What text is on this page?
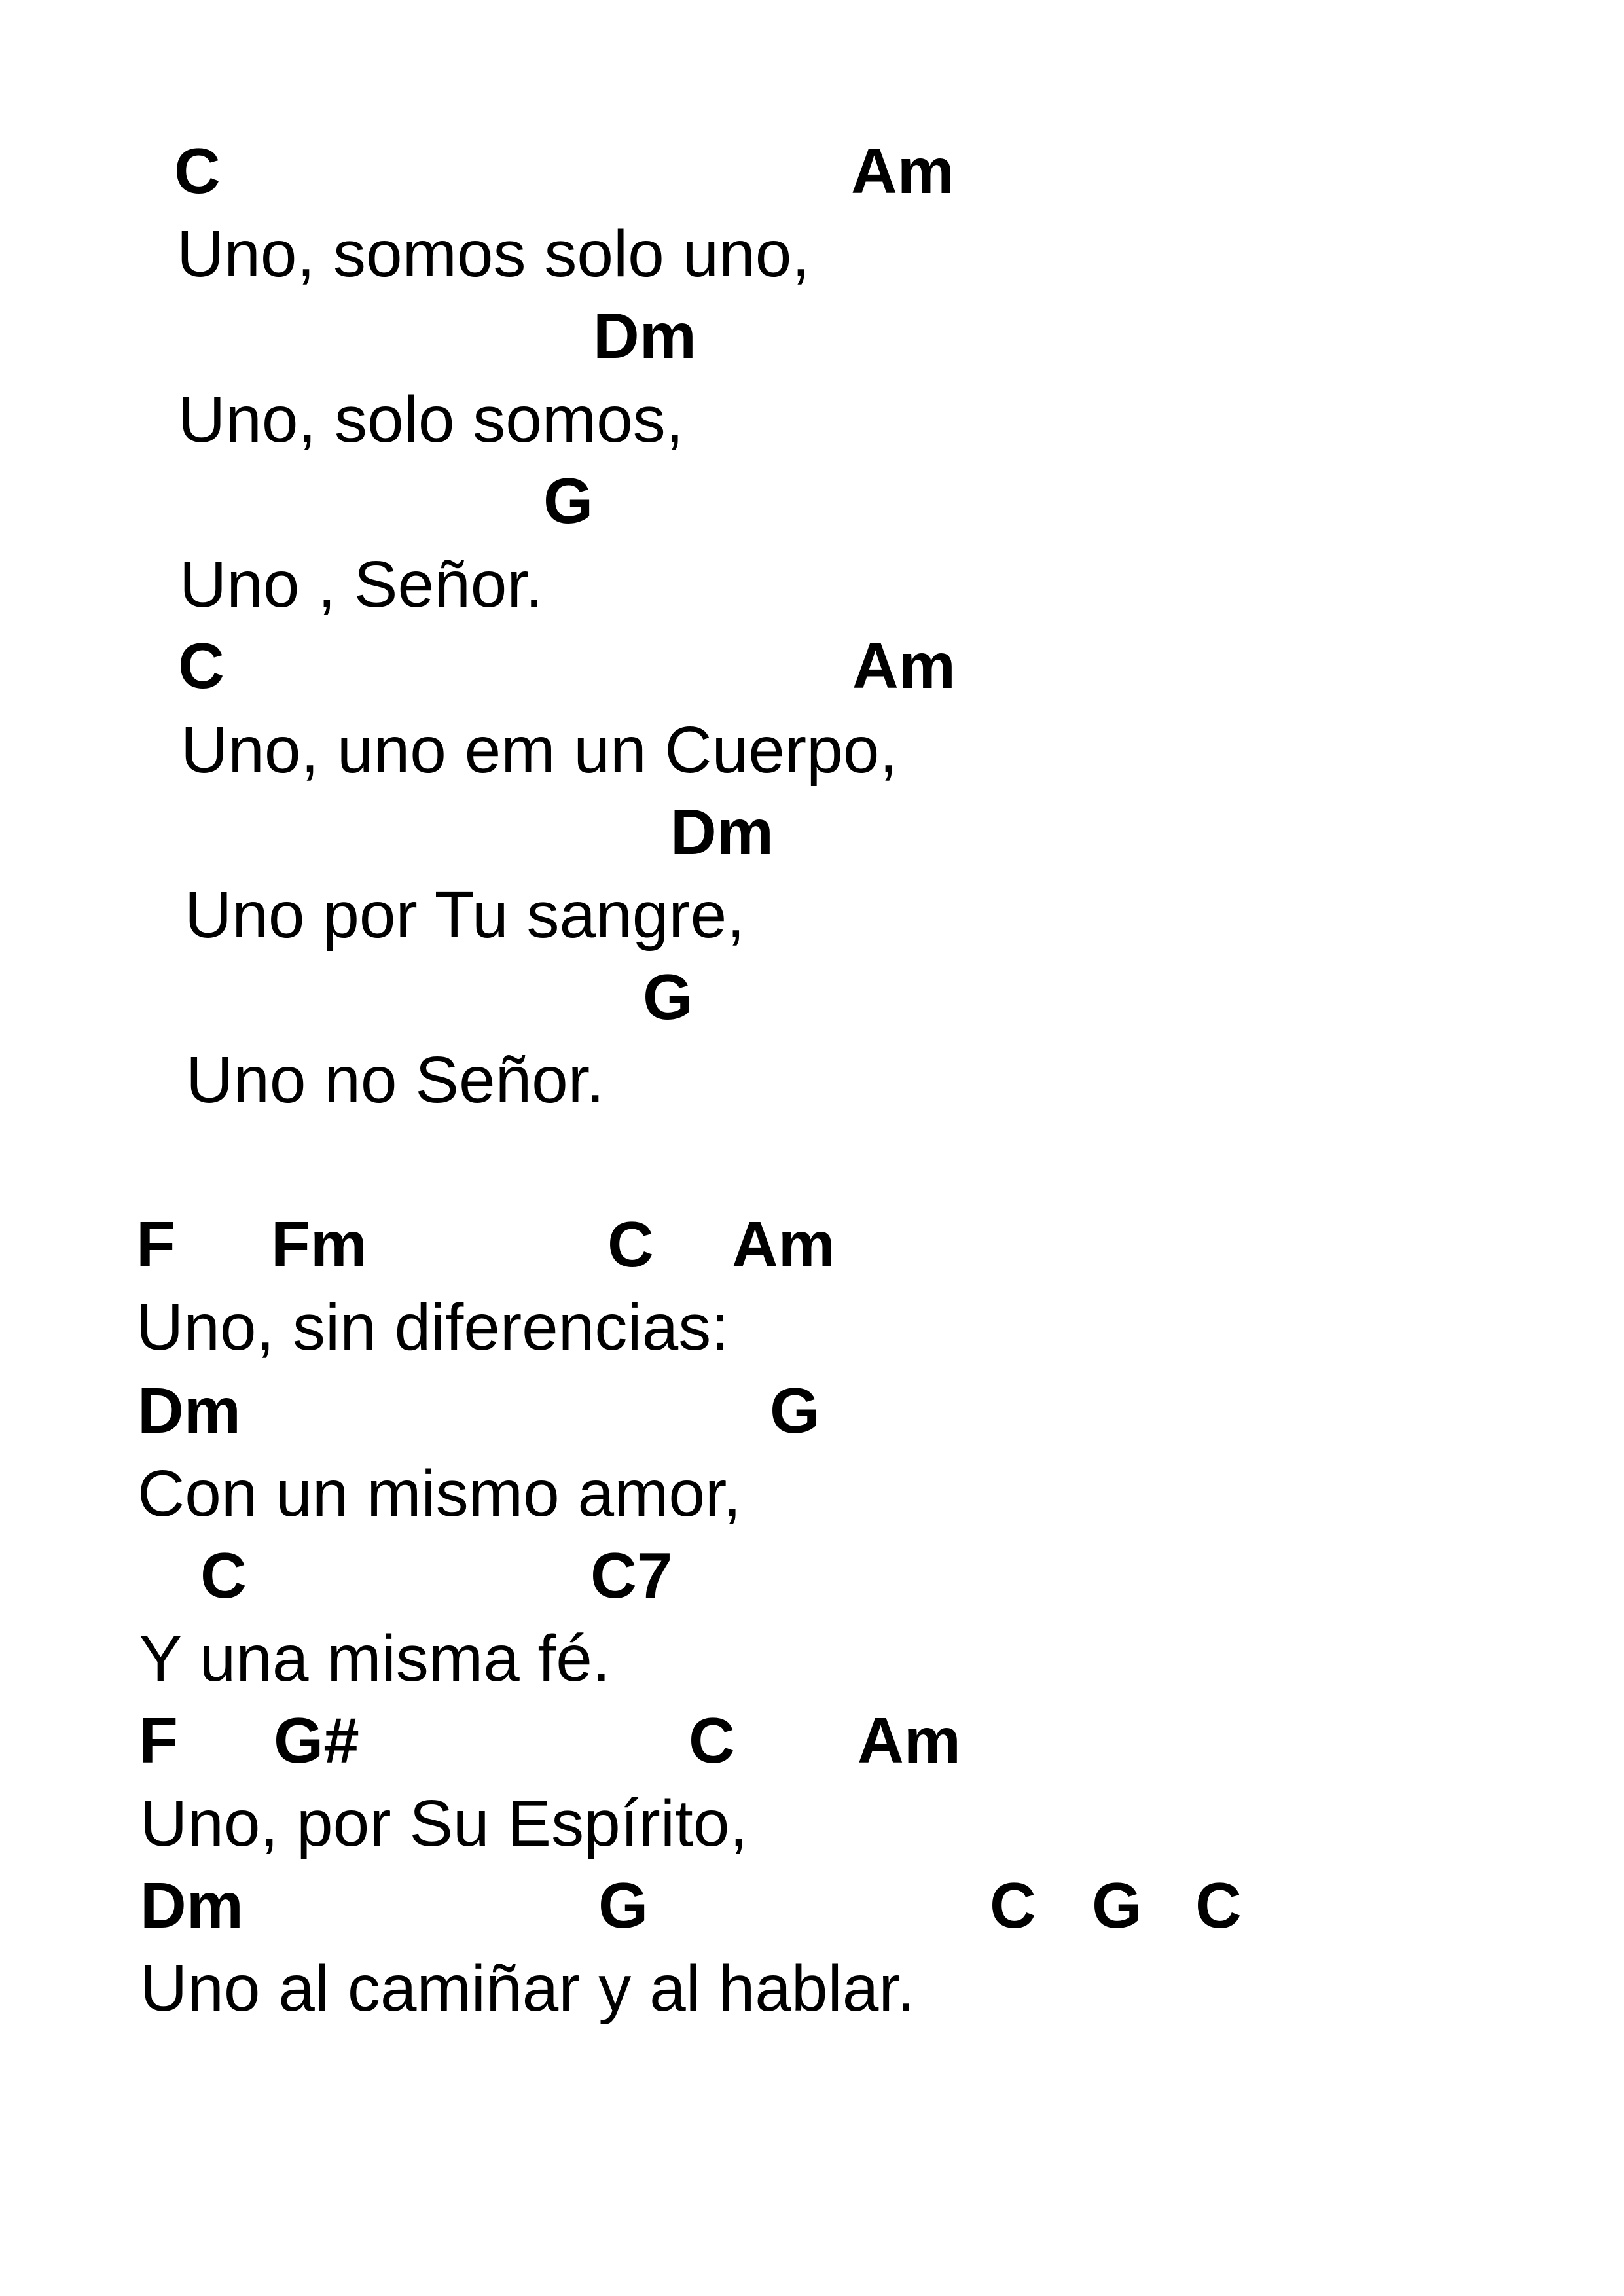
C	Am
Uno, somos solo uno,
Dm
Uno, solo somos,
G
Uno , Señor.
C	Am
Uno, uno em un Cuerpo,
Dm
Uno por Tu sangre,
G
Uno no Señor.
F Fm	C Am
Uno, sin diferencias:
Dm	G
Con un mismo amor,
C	C7
Y una misma fé.
F G#	C Am
Uno, por Su Espírito,
Dm	G	C G C
Uno al camiñar y al hablar.
